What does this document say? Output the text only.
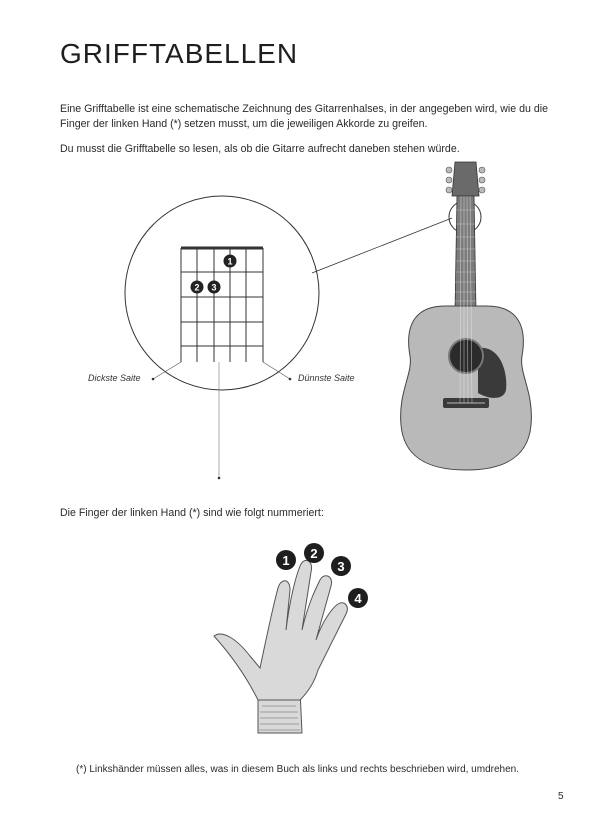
GRIFFTABELLEN

Eine Grifftabelle ist eine schematische Zeichnung des Gitarrenhalses, in der angegeben wird, wie du die Finger der linken Hand (*) setzen musst, um die jeweiligen Akkorde zu greifen.

Du musst die Grifftabelle so lesen, als ob die Gitarre aufrecht daneben stehen würde.

1
2 3
1 2
3
4
Dickste Saite	Dünnste Saite
Die Finger der linken Hand (*) sind wie folgt nummeriert:
(*) Linkshänder müssen alles, was in diesem Buch als links und rechts beschrieben wird, umdrehen.
5
